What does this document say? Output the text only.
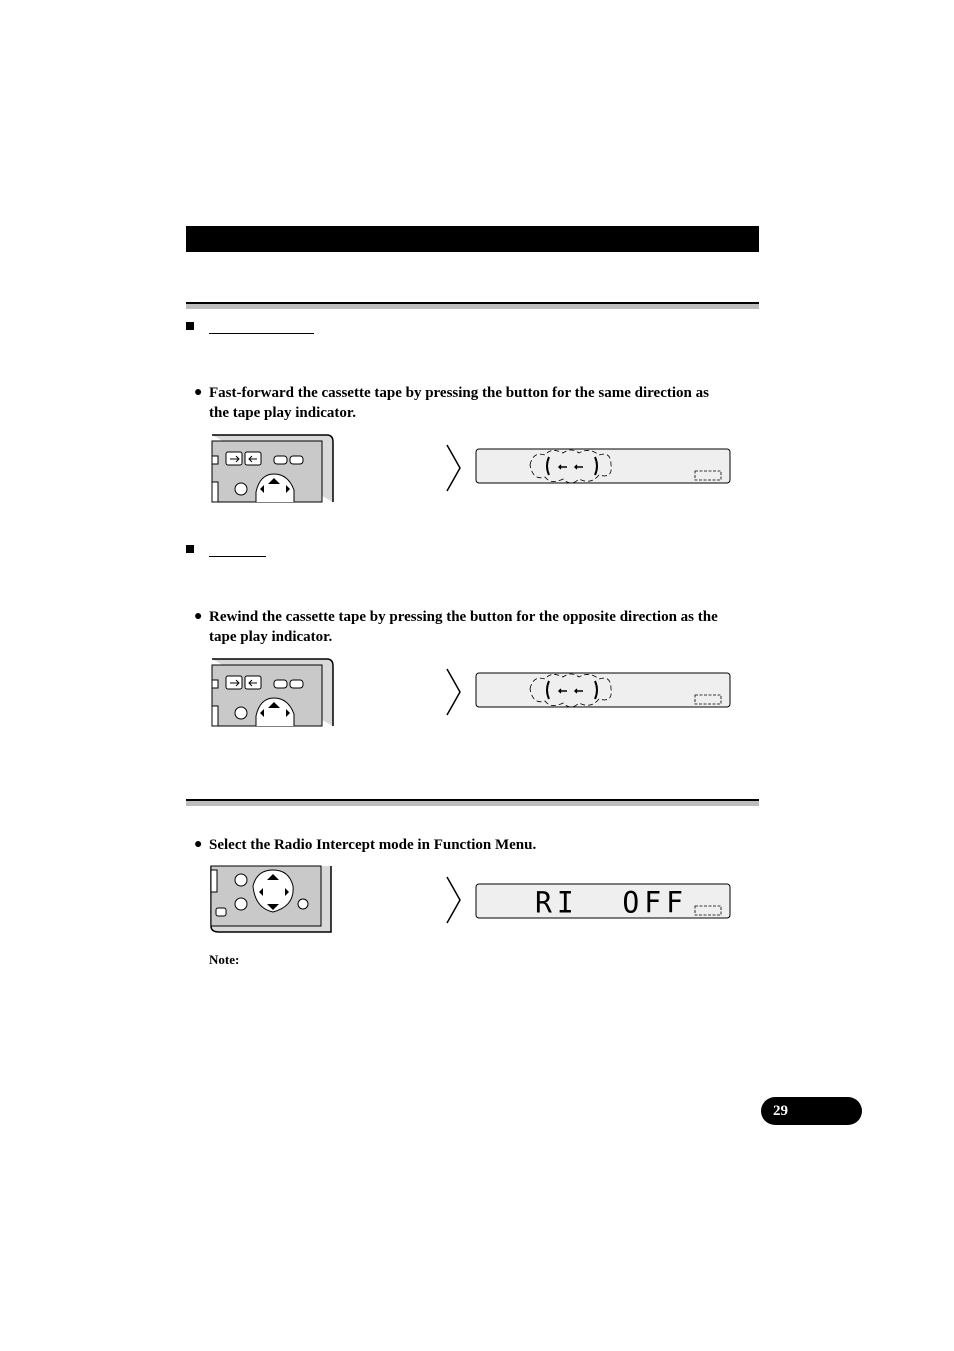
● Fast-forward the cassette tape by pressing the button for the same direction as
the tape play indicator.
● Rewind the cassette tape by pressing the button for the opposite direction as the
tape play indicator.
● Select the Radio Intercept mode in Function Menu.
RI  OFF
Note:
29
